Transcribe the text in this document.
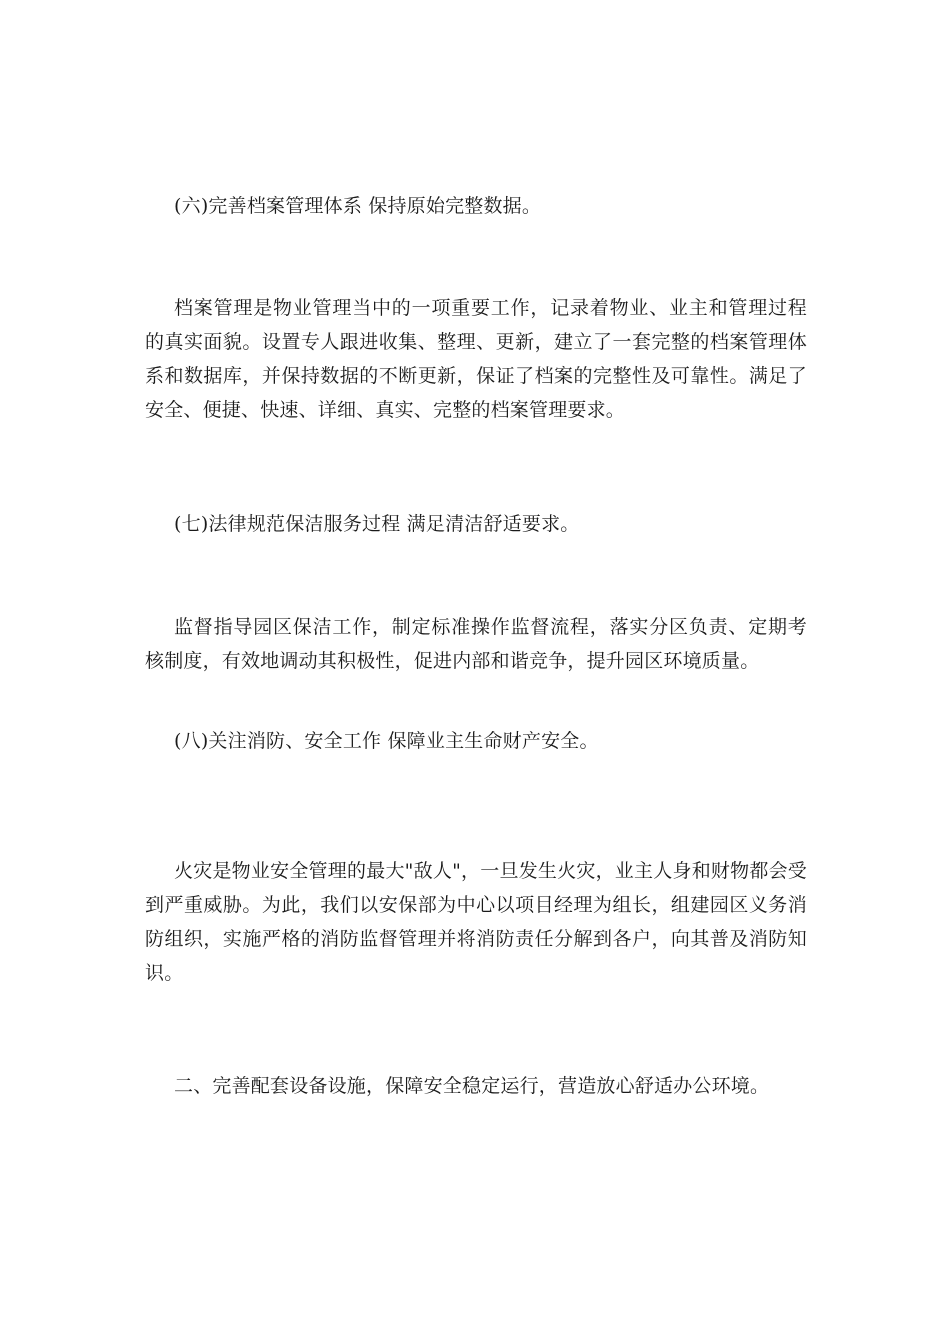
(六)完善档案管理体系 保持原始完整数据。

档案管理是物业管理当中的一项重要工作，记录着物业、业主和管理过程的真实面貌。设置专人跟进收集、整理、更新，建立了一套完整的档案管理体系和数据库，并保持数据的不断更新，保证了档案的完整性及可靠性。满足了安全、便捷、快速、详细、真实、完整的档案管理要求。

(七)法律规范保洁服务过程 满足清洁舒适要求。

监督指导园区保洁工作，制定标准操作监督流程，落实分区负责、定期考核制度，有效地调动其积极性，促进内部和谐竞争，提升园区环境质量。

(八)关注消防、安全工作 保障业主生命财产安全。

火灾是物业安全管理的最大"敌人"，一旦发生火灾，业主人身和财物都会受到严重威胁。为此，我们以安保部为中心以项目经理为组长，组建园区义务消防组织，实施严格的消防监督管理并将消防责任分解到各户，向其普及消防知识。

二、完善配套设备设施，保障安全稳定运行，营造放心舒适办公环境。
